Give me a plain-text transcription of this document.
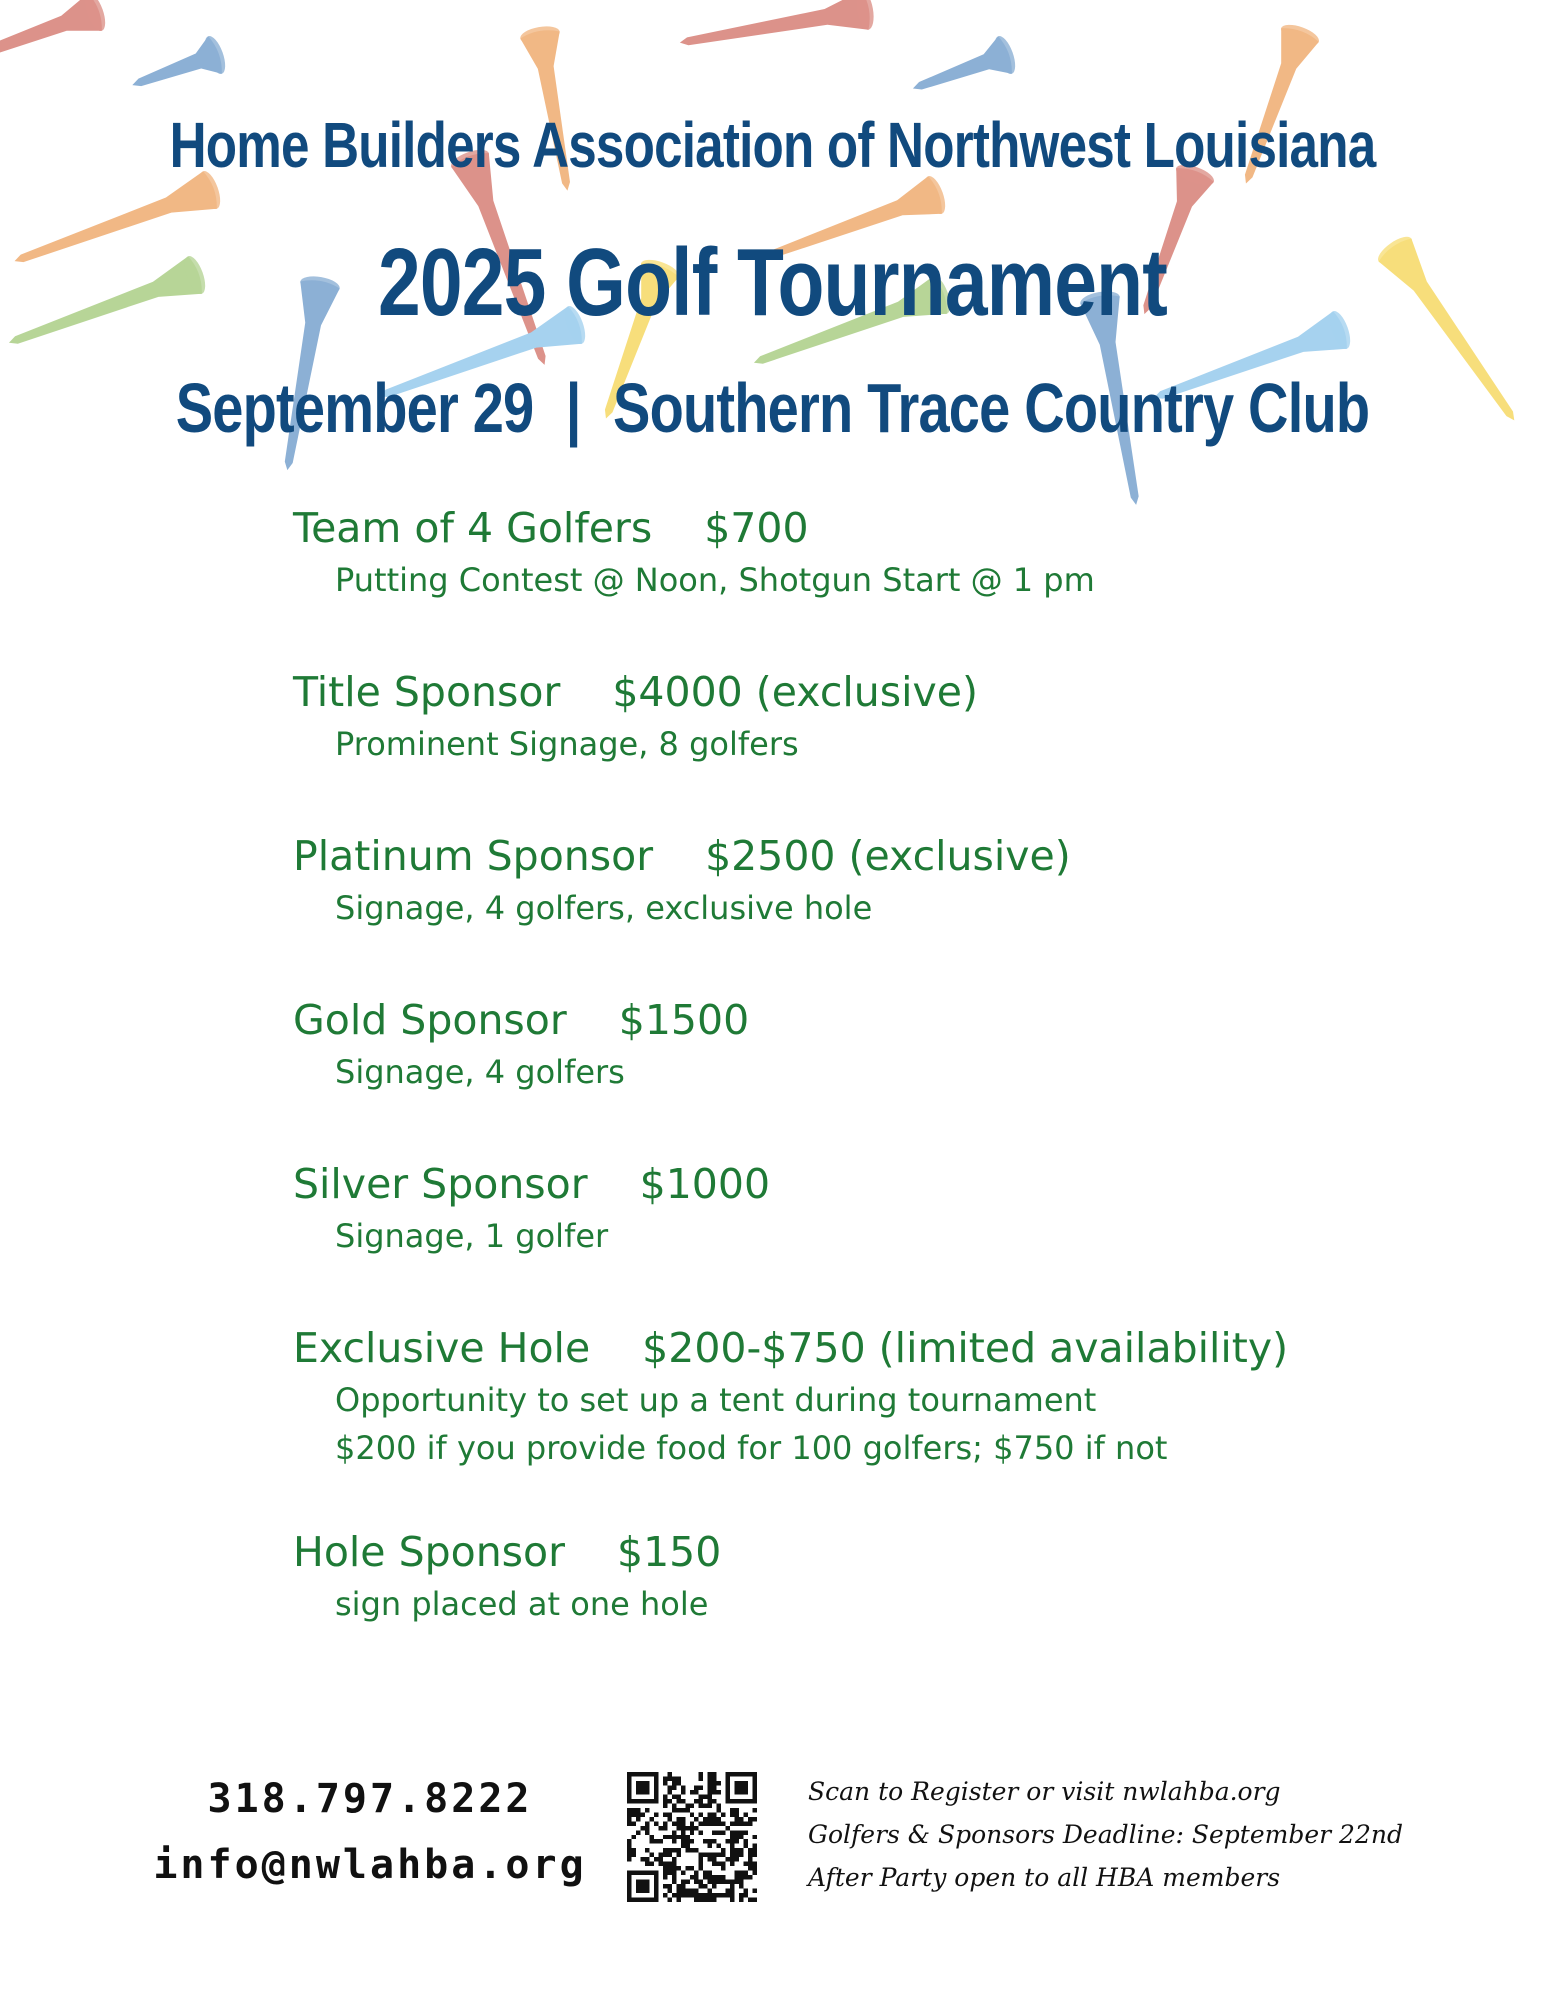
Home Builders Association of Northwest Louisiana
2025 Golf Tournament
September 29 | Southern Trace Country Club
Team of 4 Golfers $700
Putting Contest @ Noon, Shotgun Start @ 1 pm
Title Sponsor $4000 (exclusive)
Prominent Signage, 8 golfers
Platinum Sponsor $2500 (exclusive)
Signage, 4 golfers, exclusive hole
Gold Sponsor $1500
Signage, 4 golfers
Silver Sponsor $1000
Signage, 1 golfer
Exclusive Hole $200-$750 (limited availability)
Opportunity to set up a tent during tournament
$200 if you provide food for 100 golfers; $750 if not
Hole Sponsor $150
sign placed at one hole
318.797.8222
info@nwlahba.org
Scan to Register or visit nwlahba.org
Golfers & Sponsors Deadline: September 22nd
After Party open to all HBA members
